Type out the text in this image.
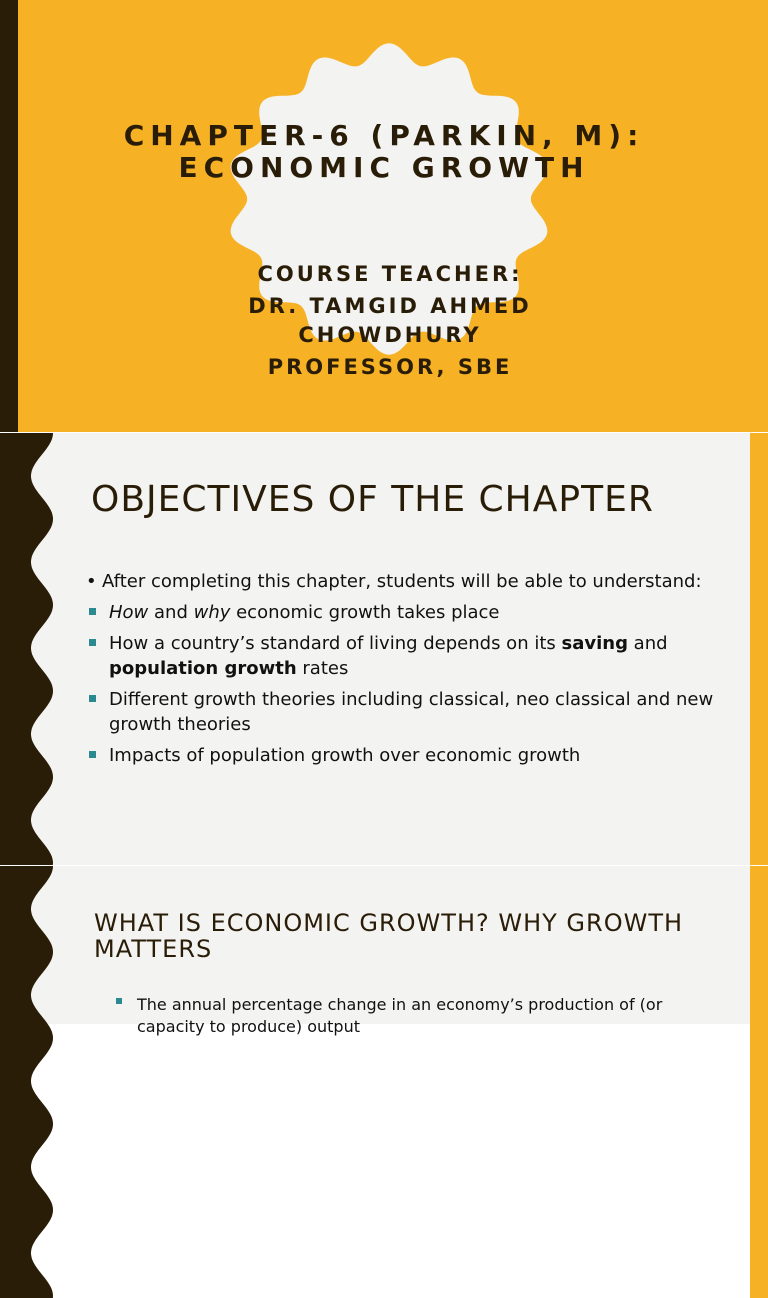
CHAPTER-6 (PARKIN, M):
ECONOMIC GROWTH

COURSE TEACHER:

DR. TAMGID AHMED

CHOWDHURY

PROFESSOR, SBE

OBJECTIVES OF THE CHAPTER
• After completing this chapter, students will be able to understand:
How and why economic growth takes place
How a country’s standard of living depends on its saving and population growth rates
Different growth theories including classical, neo classical and new growth theories
Impacts of population growth over economic growth
WHAT IS ECONOMIC GROWTH? WHY GROWTH MATTERS
The annual percentage change in an economy’s production of (or capacity to produce) output
